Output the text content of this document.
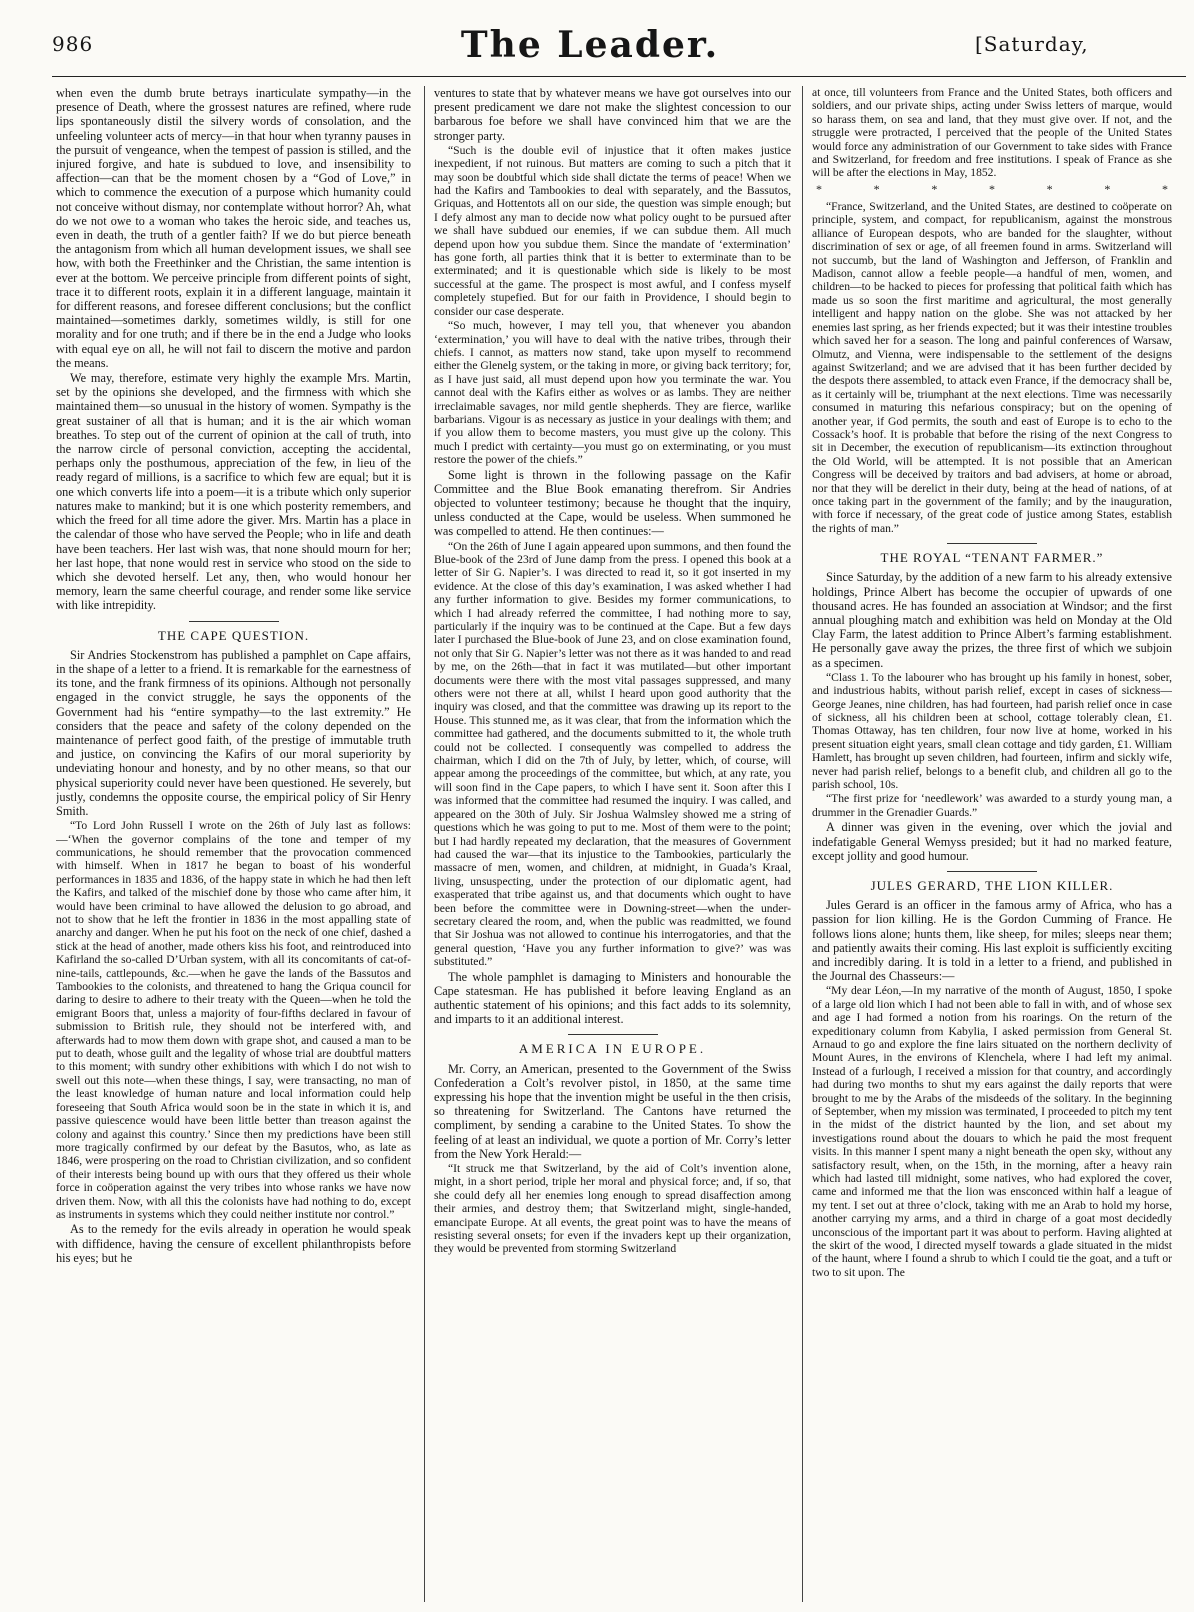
986	The Leader.	[Saturday,

when even the dumb brute betrays inarticulate sympathy—in the presence of Death, where the grossest natures are refined, where rude lips spontaneously distil the silvery words of consolation, and the unfeeling volunteer acts of mercy—in that hour when tyranny pauses in the pursuit of vengeance, when the tempest of passion is stilled, and the injured forgive, and hate is subdued to love, and insensibility to affection—can that be the moment chosen by a “God of Love,” in which to commence the execution of a purpose which humanity could not conceive without dismay, nor contemplate without horror? Ah, what do we not owe to a woman who takes the heroic side, and teaches us, even in death, the truth of a gentler faith? If we do but pierce beneath the antagonism from which all human development issues, we shall see how, with both the Freethinker and the Christian, the same intention is ever at the bottom. We perceive principle from different points of sight, trace it to different roots, explain it in a different language, maintain it for different reasons, and foresee different conclusions; but the conflict maintained—sometimes darkly, sometimes wildly, is still for one morality and for one truth; and if there be in the end a Judge who looks with equal eye on all, he will not fail to discern the motive and pardon the means.

We may, therefore, estimate very highly the example Mrs. Martin, set by the opinions she developed, and the firmness with which she maintained them—so unusual in the history of women. Sympathy is the great sustainer of all that is human; and it is the air which woman breathes. To step out of the current of opinion at the call of truth, into the narrow circle of personal conviction, accepting the accidental, perhaps only the posthumous, appreciation of the few, in lieu of the ready regard of millions, is a sacrifice to which few are equal; but it is one which converts life into a poem—it is a tribute which only superior natures make to mankind; but it is one which posterity remembers, and which the freed for all time adore the giver. Mrs. Martin has a place in the calendar of those who have served the People; who in life and death have been teachers. Her last wish was, that none should mourn for her; her last hope, that none would rest in service who stood on the side to which she devoted herself. Let any, then, who would honour her memory, learn the same cheerful courage, and render some like service with like intrepidity.

THE CAPE QUESTION.

Sir Andries Stockenstrom has published a pamphlet on Cape affairs, in the shape of a letter to a friend. It is remarkable for the earnestness of its tone, and the frank firmness of its opinions. Although not personally engaged in the convict struggle, he says the opponents of the Government had his “entire sympathy—to the last extremity.” He considers that the peace and safety of the colony depended on the maintenance of perfect good faith, of the prestige of immutable truth and justice, on convincing the Kafirs of our moral superiority by undeviating honour and honesty, and by no other means, so that our physical superiority could never have been questioned. He severely, but justly, condemns the opposite course, the empirical policy of Sir Henry Smith.

“To Lord John Russell I wrote on the 26th of July last as follows:—‘When the governor complains of the tone and temper of my communications, he should remember that the provocation commenced with himself. When in 1817 he began to boast of his wonderful performances in 1835 and 1836, of the happy state in which he had then left the Kafirs, and talked of the mischief done by those who came after him, it would have been criminal to have allowed the delusion to go abroad, and not to show that he left the frontier in 1836 in the most appalling state of anarchy and danger. When he put his foot on the neck of one chief, dashed a stick at the head of another, made others kiss his foot, and reintroduced into Kafirland the so-called D’Urban system, with all its concomitants of cat-of-nine-tails, cattlepounds, &c.—when he gave the lands of the Bassutos and Tambookies to the colonists, and threatened to hang the Griqua council for daring to desire to adhere to their treaty with the Queen—when he told the emigrant Boors that, unless a majority of four-fifths declared in favour of submission to British rule, they should not be interfered with, and afterwards had to mow them down with grape shot, and caused a man to be put to death, whose guilt and the legality of whose trial are doubtful matters to this moment; with sundry other exhibitions with which I do not wish to swell out this note—when these things, I say, were transacting, no man of the least knowledge of human nature and local information could help foreseeing that South Africa would soon be in the state in which it is, and passive quiescence would have been little better than treason against the colony and against this country.’ Since then my predictions have been still more tragically confirmed by our defeat by the Basutos, who, as late as 1846, were prospering on the road to Christian civilization, and so confident of their interests being bound up with ours that they offered us their whole force in coöperation against the very tribes into whose ranks we have now driven them. Now, with all this the colonists have had nothing to do, except as instruments in systems which they could neither institute nor control.”

As to the remedy for the evils already in operation he would speak with diffidence, having the censure of excellent philanthropists before his eyes; but he

ventures to state that by whatever means we have got ourselves into our present predicament we dare not make the slightest concession to our barbarous foe before we shall have convinced him that we are the stronger party.

“Such is the double evil of injustice that it often makes justice inexpedient, if not ruinous. But matters are coming to such a pitch that it may soon be doubtful which side shall dictate the terms of peace! When we had the Kafirs and Tambookies to deal with separately, and the Bassutos, Griquas, and Hottentots all on our side, the question was simple enough; but I defy almost any man to decide now what policy ought to be pursued after we shall have subdued our enemies, if we can subdue them. All much depend upon how you subdue them. Since the mandate of ‘extermination’ has gone forth, all parties think that it is better to exterminate than to be exterminated; and it is questionable which side is likely to be most successful at the game. The prospect is most awful, and I confess myself completely stupefied. But for our faith in Providence, I should begin to consider our case desperate.

“So much, however, I may tell you, that whenever you abandon ‘extermination,’ you will have to deal with the native tribes, through their chiefs. I cannot, as matters now stand, take upon myself to recommend either the Glenelg system, or the taking in more, or giving back territory; for, as I have just said, all must depend upon how you terminate the war. You cannot deal with the Kafirs either as wolves or as lambs. They are neither irreclaimable savages, nor mild gentle shepherds. They are fierce, warlike barbarians. Vigour is as necessary as justice in your dealings with them; and if you allow them to become masters, you must give up the colony. This much I predict with certainty—you must go on exterminating, or you must restore the power of the chiefs.”

Some light is thrown in the following passage on the Kafir Committee and the Blue Book emanating therefrom. Sir Andries objected to volunteer testimony; because he thought that the inquiry, unless conducted at the Cape, would be useless. When summoned he was compelled to attend. He then continues:—

“On the 26th of June I again appeared upon summons, and then found the Blue-book of the 23rd of June damp from the press. I opened this book at a letter of Sir G. Napier’s. I was directed to read it, so it got inserted in my evidence. At the close of this day’s examination, I was asked whether I had any further information to give. Besides my former communications, to which I had already referred the committee, I had nothing more to say, particularly if the inquiry was to be continued at the Cape. But a few days later I purchased the Blue-book of June 23, and on close examination found, not only that Sir G. Napier’s letter was not there as it was handed to and read by me, on the 26th—that in fact it was mutilated—but other important documents were there with the most vital passages suppressed, and many others were not there at all, whilst I heard upon good authority that the inquiry was closed, and that the committee was drawing up its report to the House. This stunned me, as it was clear, that from the information which the committee had gathered, and the documents submitted to it, the whole truth could not be collected. I consequently was compelled to address the chairman, which I did on the 7th of July, by letter, which, of course, will appear among the proceedings of the committee, but which, at any rate, you will soon find in the Cape papers, to which I have sent it. Soon after this I was informed that the committee had resumed the inquiry. I was called, and appeared on the 30th of July. Sir Joshua Walmsley showed me a string of questions which he was going to put to me. Most of them were to the point; but I had hardly repeated my declaration, that the measures of Government had caused the war—that its injustice to the Tambookies, particularly the massacre of men, women, and children, at midnight, in Guada’s Kraal, living, unsuspecting, under the protection of our diplomatic agent, had exasperated that tribe against us, and that documents which ought to have been before the committee were in Downing-street—when the under-secretary cleared the room, and, when the public was readmitted, we found that Sir Joshua was not allowed to continue his interrogatories, and that the general question, ‘Have you any further information to give?’ was was substituted.”

The whole pamphlet is damaging to Ministers and honourable the Cape statesman. He has published it before leaving England as an authentic statement of his opinions; and this fact adds to its solemnity, and imparts to it an additional interest.

AMERICA IN EUROPE.

Mr. Corry, an American, presented to the Government of the Swiss Confederation a Colt’s revolver pistol, in 1850, at the same time expressing his hope that the invention might be useful in the then crisis, so threatening for Switzerland. The Cantons have returned the compliment, by sending a carabine to the United States. To show the feeling of at least an individual, we quote a portion of Mr. Corry’s letter from the New York Herald:—

“It struck me that Switzerland, by the aid of Colt’s invention alone, might, in a short period, triple her moral and physical force; and, if so, that she could defy all her enemies long enough to spread disaffection among their armies, and destroy them; that Switzerland might, single-handed, emancipate Europe. At all events, the great point was to have the means of resisting several onsets; for even if the invaders kept up their organization, they would be prevented from storming Switzerland

at once, till volunteers from France and the United States, both officers and soldiers, and our private ships, acting under Swiss letters of marque, would so harass them, on sea and land, that they must give over. If not, and the struggle were protracted, I perceived that the people of the United States would force any administration of our Government to take sides with France and Switzerland, for freedom and free institutions. I speak of France as she will be after the elections in May, 1852.

* * * * * * *

“France, Switzerland, and the United States, are destined to coöperate on principle, system, and compact, for republicanism, against the monstrous alliance of European despots, who are banded for the slaughter, without discrimination of sex or age, of all freemen found in arms. Switzerland will not succumb, but the land of Washington and Jefferson, of Franklin and Madison, cannot allow a feeble people—a handful of men, women, and children—to be hacked to pieces for professing that political faith which has made us so soon the first maritime and agricultural, the most generally intelligent and happy nation on the globe. She was not attacked by her enemies last spring, as her friends expected; but it was their intestine troubles which saved her for a season. The long and painful conferences of Warsaw, Olmutz, and Vienna, were indispensable to the settlement of the designs against Switzerland; and we are advised that it has been further decided by the despots there assembled, to attack even France, if the democracy shall be, as it certainly will be, triumphant at the next elections. Time was necessarily consumed in maturing this nefarious conspiracy; but on the opening of another year, if God permits, the south and east of Europe is to echo to the Cossack’s hoof. It is probable that before the rising of the next Congress to sit in December, the execution of republicanism—its extinction throughout the Old World, will be attempted. It is not possible that an American Congress will be deceived by traitors and bad advisers, at home or abroad, nor that they will be derelict in their duty, being at the head of nations, of at once taking part in the government of the family; and by the inauguration, with force if necessary, of the great code of justice among States, establish the rights of man.”

THE ROYAL “TENANT FARMER.”

Since Saturday, by the addition of a new farm to his already extensive holdings, Prince Albert has become the occupier of upwards of one thousand acres. He has founded an association at Windsor; and the first annual ploughing match and exhibition was held on Monday at the Old Clay Farm, the latest addition to Prince Albert’s farming establishment. He personally gave away the prizes, the three first of which we subjoin as a specimen.

“Class 1. To the labourer who has brought up his family in honest, sober, and industrious habits, without parish relief, except in cases of sickness—George Jeanes, nine children, has had fourteen, had parish relief once in case of sickness, all his children been at school, cottage tolerably clean, £1. Thomas Ottaway, has ten children, four now live at home, worked in his present situation eight years, small clean cottage and tidy garden, £1. William Hamlett, has brought up seven children, had fourteen, infirm and sickly wife, never had parish relief, belongs to a benefit club, and children all go to the parish school, 10s.

“The first prize for ‘needlework’ was awarded to a sturdy young man, a drummer in the Grenadier Guards.”

A dinner was given in the evening, over which the jovial and indefatigable General Wemyss presided; but it had no marked feature, except jollity and good humour.

JULES GERARD, THE LION KILLER.

Jules Gerard is an officer in the famous army of Africa, who has a passion for lion killing. He is the Gordon Cumming of France. He follows lions alone; hunts them, like sheep, for miles; sleeps near them; and patiently awaits their coming. His last exploit is sufficiently exciting and incredibly daring. It is told in a letter to a friend, and published in the Journal des Chasseurs:—

“My dear Léon,—In my narrative of the month of August, 1850, I spoke of a large old lion which I had not been able to fall in with, and of whose sex and age I had formed a notion from his roarings. On the return of the expeditionary column from Kabylia, I asked permission from General St. Arnaud to go and explore the fine lairs situated on the northern declivity of Mount Aures, in the environs of Klenchela, where I had left my animal. Instead of a furlough, I received a mission for that country, and accordingly had during two months to shut my ears against the daily reports that were brought to me by the Arabs of the misdeeds of the solitary. In the beginning of September, when my mission was terminated, I proceeded to pitch my tent in the midst of the district haunted by the lion, and set about my investigations round about the douars to which he paid the most frequent visits. In this manner I spent many a night beneath the open sky, without any satisfactory result, when, on the 15th, in the morning, after a heavy rain which had lasted till midnight, some natives, who had explored the cover, came and informed me that the lion was ensconced within half a league of my tent. I set out at three o’clock, taking with me an Arab to hold my horse, another carrying my arms, and a third in charge of a goat most decidedly unconscious of the important part it was about to perform. Having alighted at the skirt of the wood, I directed myself towards a glade situated in the midst of the haunt, where I found a shrub to which I could tie the goat, and a tuft or two to sit upon. The
